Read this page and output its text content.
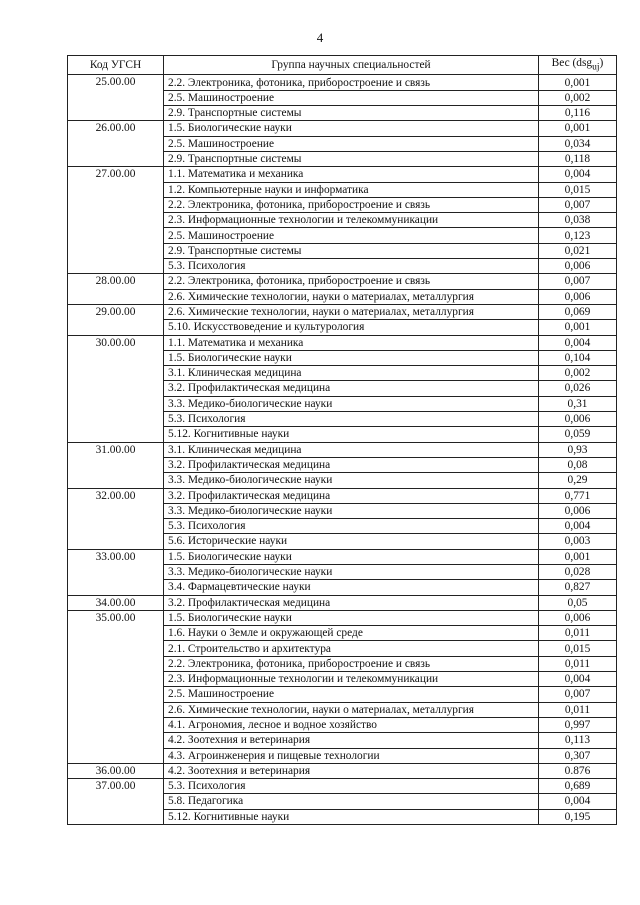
4
Код УГСН	Группа научных специальностей	Вес (dsg$_{uj}$)
25.00.00	2.2. Электроника, фотоника, приборостроение и связь	0,001
	2.5. Машиностроение	0,002
	2.9. Транспортные системы	0,116
26.00.00	1.5. Биологические науки	0,001
	2.5. Машиностроение	0,034
	2.9. Транспортные системы	0,118
27.00.00	1.1. Математика и механика	0,004
	1.2. Компьютерные науки и информатика	0,015
	2.2. Электроника, фотоника, приборостроение и связь	0,007
	2.3. Информационные технологии и телекоммуникации	0,038
	2.5. Машиностроение	0,123
	2.9. Транспортные системы	0,021
	5.3. Психология	0,006
28.00.00	2.2. Электроника, фотоника, приборостроение и связь	0,007
	2.6. Химические технологии, науки о материалах, металлургия	0,006
29.00.00	2.6. Химические технологии, науки о материалах, металлургия	0,069
	5.10. Искусствоведение и культурология	0,001
30.00.00	1.1. Математика и механика	0,004
	1.5. Биологические науки	0,104
	3.1. Клиническая медицина	0,002
	3.2. Профилактическая медицина	0,026
	3.3. Медико-биологические науки	0,31
	5.3. Психология	0,006
	5.12. Когнитивные науки	0,059
31.00.00	3.1. Клиническая медицина	0,93
	3.2. Профилактическая медицина	0,08
	3.3. Медико-биологические науки	0,29
32.00.00	3.2. Профилактическая медицина	0,771
	3.3. Медико-биологические науки	0,006
	5.3. Психология	0,004
	5.6. Исторические науки	0,003
33.00.00	1.5. Биологические науки	0,001
	3.3. Медико-биологические науки	0,028
	3.4. Фармацевтические науки	0,827
34.00.00	3.2. Профилактическая медицина	0,05
35.00.00	1.5. Биологические науки	0,006
	1.6. Науки о Земле и окружающей среде	0,011
	2.1. Строительство и архитектура	0,015
	2.2. Электроника, фотоника, приборостроение и связь	0,011
	2.3. Информационные технологии и телекоммуникации	0,004
	2.5. Машиностроение	0,007
	2.6. Химические технологии, науки о материалах, металлургия	0,011
	4.1. Агрономия, лесное и водное хозяйство	0,997
	4.2. Зоотехния и ветеринария	0,113
	4.3. Агроинженерия и пищевые технологии	0,307
36.00.00	4.2. Зоотехния и ветеринария	0.876
37.00.00	5.3. Психология	0,689
	5.8. Педагогика	0,004
	5.12. Когнитивные науки	0,195
